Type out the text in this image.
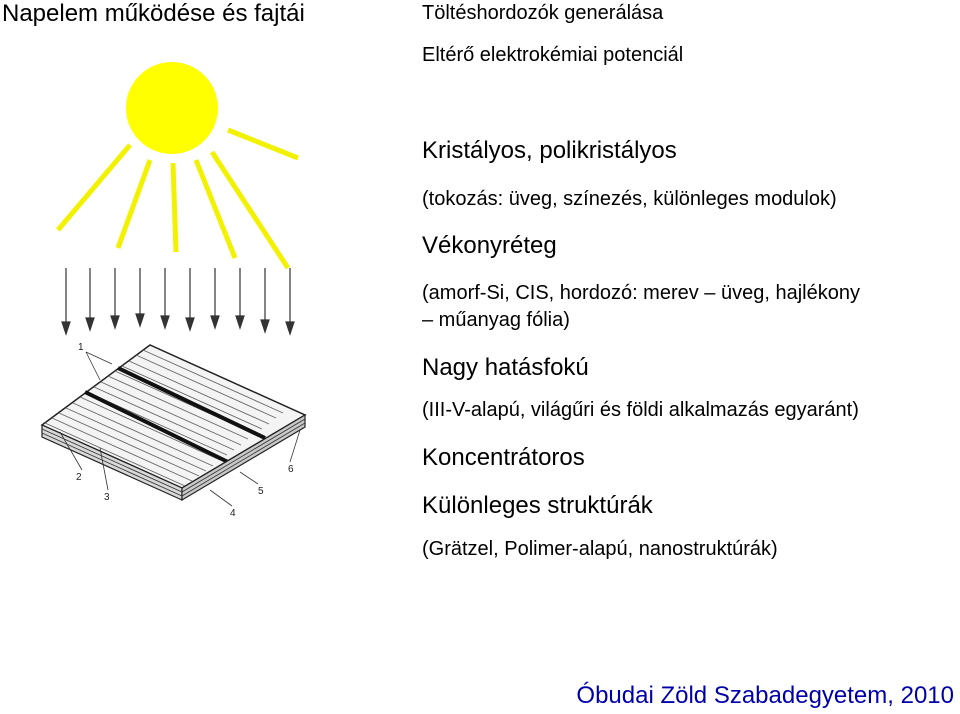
Napelem működése és fajtái
1
2
3
4
5
6
Töltéshordozók generálása
Eltérő elektrokémiai potenciál
Kristályos, polikristályos
(tokozás: üveg, színezés, különleges modulok)
Vékonyréteg
(amorf-Si, CIS, hordozó: merev – üveg, hajlékony
– műanyag fólia)
Nagy hatásfokú
(III-V-alapú, világűri és földi alkalmazás egyaránt)
Koncentrátoros
Különleges struktúrák
(Grätzel, Polimer-alapú, nanostruktúrák)
Óbudai Zöld Szabadegyetem, 2010
